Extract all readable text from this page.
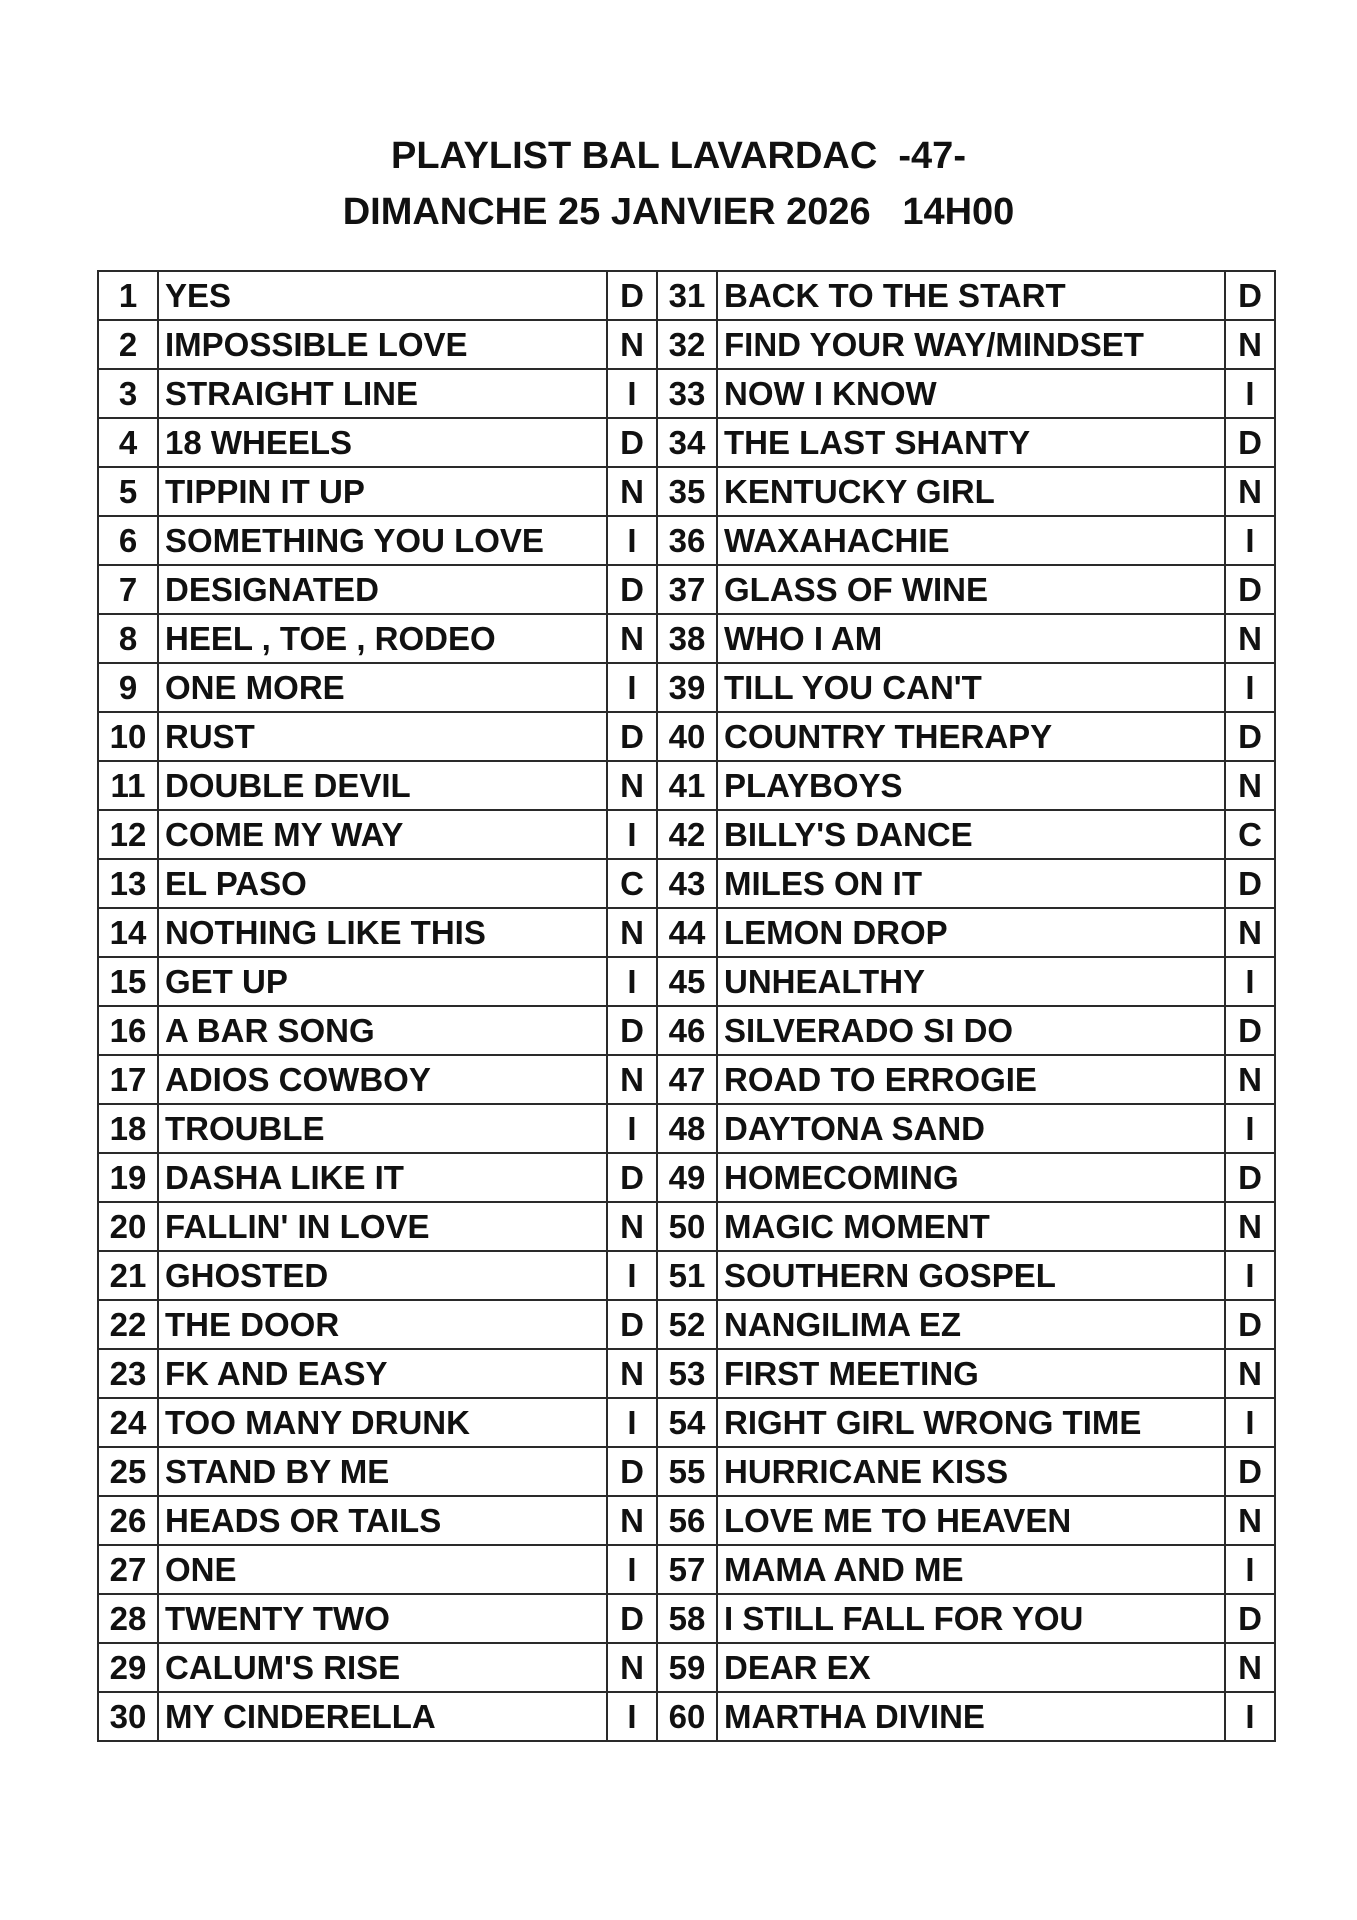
PLAYLIST BAL LAVARDAC  -47-
DIMANCHE 25 JANVIER 2026   14H00
1	YES	D	31	BACK TO THE START	D
2	IMPOSSIBLE LOVE	N	32	FIND YOUR WAY/MINDSET	N
3	STRAIGHT LINE	I	33	NOW I KNOW	I
4	18 WHEELS	D	34	THE LAST SHANTY	D
5	TIPPIN IT UP	N	35	KENTUCKY GIRL	N
6	SOMETHING YOU LOVE	I	36	WAXAHACHIE	I
7	DESIGNATED	D	37	GLASS OF WINE	D
8	HEEL , TOE , RODEO	N	38	WHO I AM	N
9	ONE MORE	I	39	TILL YOU CAN'T	I
10	RUST	D	40	COUNTRY THERAPY	D
11	DOUBLE DEVIL	N	41	PLAYBOYS	N
12	COME MY WAY	I	42	BILLY'S DANCE	C
13	EL PASO	C	43	MILES ON IT	D
14	NOTHING LIKE THIS	N	44	LEMON DROP	N
15	GET UP	I	45	UNHEALTHY	I
16	A BAR SONG	D	46	SILVERADO SI DO	D
17	ADIOS COWBOY	N	47	ROAD TO ERROGIE	N
18	TROUBLE	I	48	DAYTONA SAND	I
19	DASHA LIKE IT	D	49	HOMECOMING	D
20	FALLIN' IN LOVE	N	50	MAGIC MOMENT	N
21	GHOSTED	I	51	SOUTHERN GOSPEL	I
22	THE DOOR	D	52	NANGILIMA EZ	D
23	FK AND EASY	N	53	FIRST MEETING	N
24	TOO MANY DRUNK	I	54	RIGHT GIRL WRONG TIME	I
25	STAND BY ME	D	55	HURRICANE KISS	D
26	HEADS OR TAILS	N	56	LOVE ME TO HEAVEN	N
27	ONE	I	57	MAMA AND ME	I
28	TWENTY TWO	D	58	I STILL FALL FOR YOU	D
29	CALUM'S RISE	N	59	DEAR EX	N
30	MY CINDERELLA	I	60	MARTHA DIVINE	I
